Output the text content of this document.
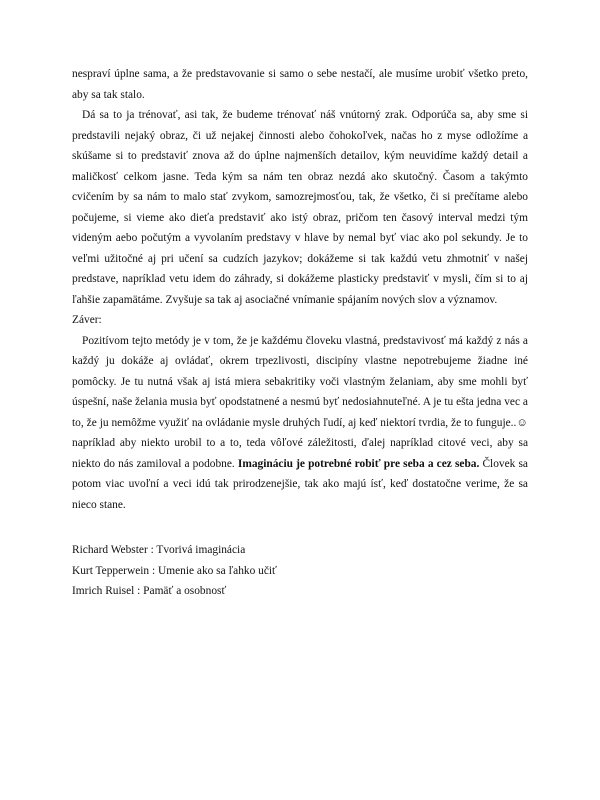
nespraví úplne sama, a že predstavovanie si samo o sebe nestačí, ale musíme urobiť všetko preto, aby sa tak stalo.

Dá sa to ja trénovať, asi tak, že budeme trénovať náš vnútorný zrak. Odporúča sa, aby sme si predstavili nejaký obraz, či už nejakej činnosti alebo čohokoľvek, načas ho z myse odložíme a skúšame si to predstaviť znova až do úplne najmenších detailov, kým neuvidíme každý detail a maličkosť celkom jasne. Teda kým sa nám ten obraz nezdá ako skutočný. Časom a takýmto cvičením by sa nám to malo stať zvykom, samozrejmosťou, tak, že všetko, či si prečítame alebo počujeme, si vieme ako dieťa predstaviť ako istý obraz, pričom ten časový interval medzi tým videným aebo počutým a vyvolaním predstavy v hlave by nemal byť viac ako pol sekundy. Je to veľmi užitočné aj pri učení sa cudzích jazykov; dokážeme si tak každú vetu zhmotniť v našej predstave, napríklad vetu idem do záhrady, si dokážeme plasticky predstaviť v mysli, čím si to aj ľahšie zapamätáme. Zvyšuje sa tak aj asociačné vnímanie spájaním nových slov a významov.

Záver:

Pozitívom tejto metódy je v tom, že je každému človeku vlastná, predstavivosť má každý z nás a každý ju dokáže aj ovládať, okrem trpezlivosti, discipíny vlastne nepotrebujeme žiadne iné pomôcky. Je tu nutná však aj istá miera sebakritiky voči vlastným želaniam, aby sme mohli byť úspešní, naše želania musia byť opodstatnené a nesmú byť nedosiahnuteľné. A je tu ešta jedna vec a to, že ju nemôžme využiť na ovládanie mysle druhých ľudí, aj keď niektorí tvrdia, že to funguje..☺ napríklad aby niekto urobil to a to, teda vôľové záležitosti, ďalej napríklad citové veci, aby sa niekto do nás zamiloval a podobne. Imagináciu je potrebné robiť pre seba a cez seba. Človek sa potom viac uvoľní a veci idú tak prirodzenejšie, tak ako majú ísť, keď dostatočne verime, že sa nieco stane.

Richard Webster : Tvorivá imaginácia

Kurt Tepperwein : Umenie ako sa ľahko učiť

Imrich Ruisel : Pamäť a osobnosť
